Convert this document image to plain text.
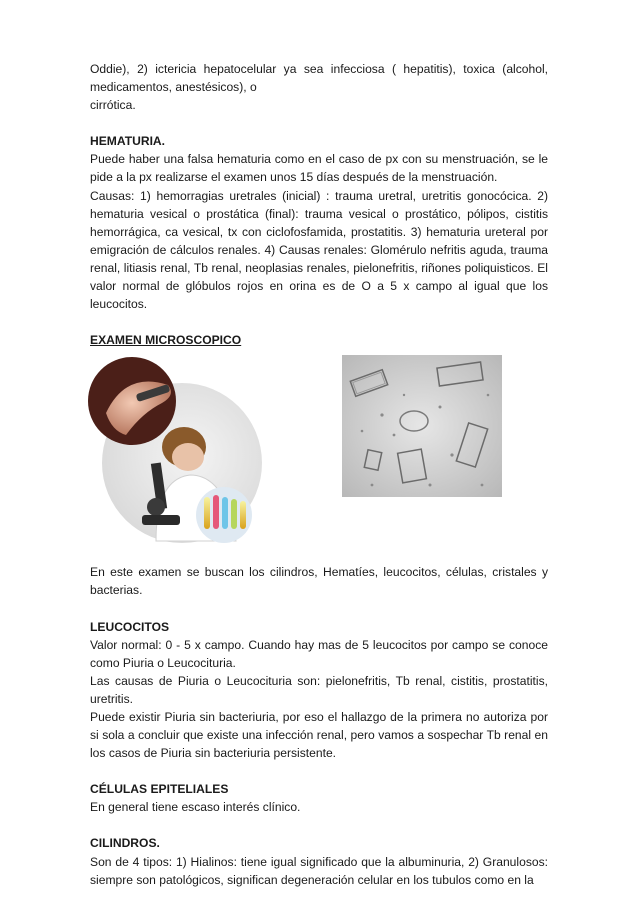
Oddie), 2) ictericia hepatocelular ya sea infecciosa ( hepatitis), toxica (alcohol,

medicamentos, anestésicos), o

cirrótica.

HEMATURIA.

Puede haber una falsa hematuria como en el caso de px con su menstruación, se le pide a la px realizarse el examen unos 15 días después de la menstruación.

Causas: 1) hemorragias uretrales (inicial) : trauma uretral, uretritis gonocócica. 2) hematuria vesical o prostática (final): trauma vesical o prostático, pólipos, cistitis hemorrágica, ca vesical, tx con ciclofosfamida, prostatitis. 3) hematuria ureteral por emigración de cálculos renales. 4) Causas renales: Glomérulo nefritis aguda, trauma renal, litiasis renal, Tb renal, neoplasias renales, pielonefritis, riñones poliquisticos. El valor normal de glóbulos rojos en orina es de O a 5 x campo al igual que los leucocitos.

EXAMEN MICROSCOPICO

En este examen se buscan los cilindros, Hematíes, leucocitos, células, cristales y bacterias.

LEUCOCITOS

Valor normal: 0 - 5 x campo. Cuando hay mas de 5 leucocitos por campo se conoce como Piuria o Leucocituria.

Las causas de Piuria o Leucocituria son: pielonefritis, Tb renal, cistitis, prostatitis, uretritis.

Puede existir Piuria sin bacteriuria, por eso el hallazgo de la primera no autoriza por si sola a concluir que existe una infección renal, pero vamos a sospechar Tb renal en los casos de Piuria sin bacteriuria persistente.

CÉLULAS EPITELIALES

En general tiene escaso interés clínico.

CILINDROS.

Son de 4 tipos: 1) Hialinos: tiene igual significado que la albuminuria, 2) Granulosos: siempre son patológicos, significan degeneración celular en los tubulos como en la
